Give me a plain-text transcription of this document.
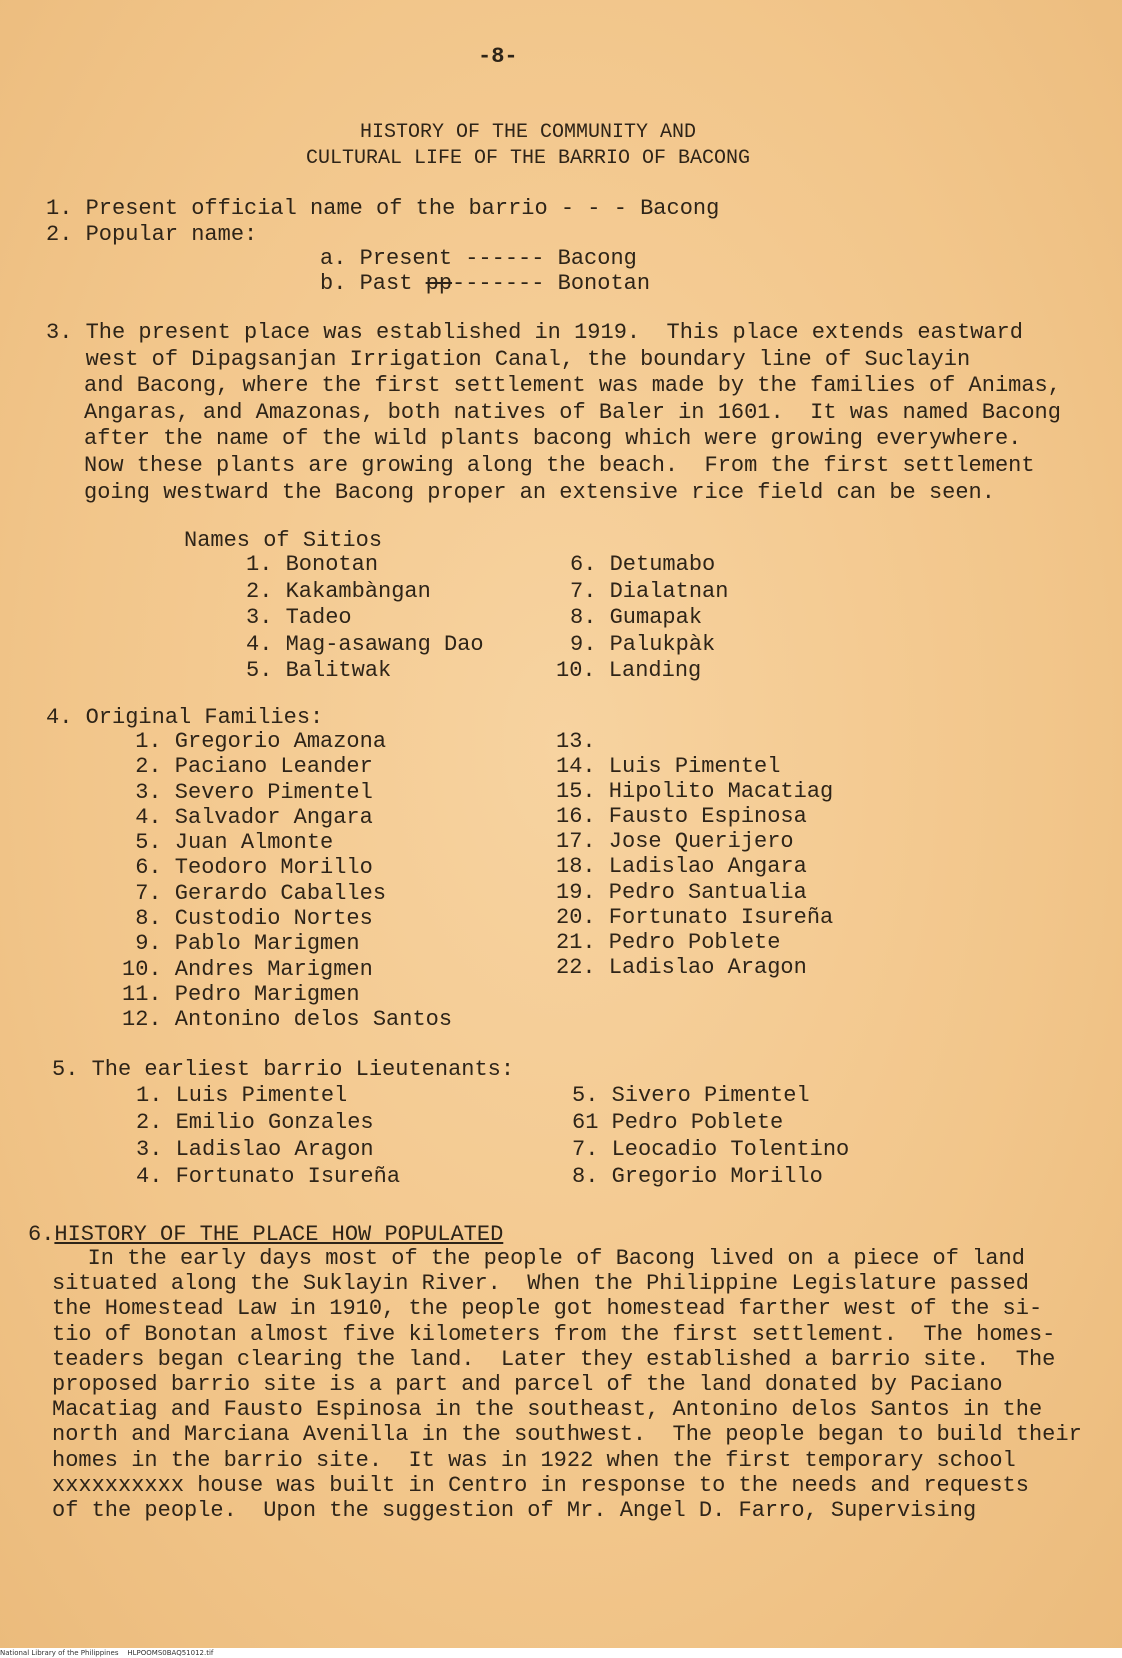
-8-
HISTORY OF THE COMMUNITY AND
CULTURAL LIFE OF THE BARRIO OF BACONG
1. Present official name of the barrio - - - Bacong
2. Popular name:
a. Present ------ Bacong
b. Past pp------- Bonotan
3. The present place was established in 1919.  This place extends eastward
west of Dipagsanjan Irrigation Canal, the boundary line of Suclayin
and Bacong, where the first settlement was made by the families of Animas,
Angaras, and Amazonas, both natives of Baler in 1601.  It was named Bacong
after the name of the wild plants bacong which were growing everywhere.
Now these plants are growing along the beach.  From the first settlement
going westward the Bacong proper an extensive rice field can be seen.
Names of Sitios
1. Bonotan
2. Kakambàngan
3. Tadeo
4. Mag-asawang Dao
5. Balitwak
6. Detumabo
7. Dialatnan
8. Gumapak
9. Palukpàk
10. Landing
4. Original Families:
1. Gregorio Amazona
2. Paciano Leander
3. Severo Pimentel
4. Salvador Angara
5. Juan Almonte
6. Teodoro Morillo
7. Gerardo Caballes
8. Custodio Nortes
9. Pablo Marigmen
10. Andres Marigmen
11. Pedro Marigmen
12. Antonino delos Santos
13.
14. Luis Pimentel
15. Hipolito Macatiag
16. Fausto Espinosa
17. Jose Querijero
18. Ladislao Angara
19. Pedro Santualia
20. Fortunato Isureña
21. Pedro Poblete
22. Ladislao Aragon
5. The earliest barrio Lieutenants:
1. Luis Pimentel
2. Emilio Gonzales
3. Ladislao Aragon
4. Fortunato Isureña
5. Sivero Pimentel
61 Pedro Poblete
7. Leocadio Tolentino
8. Gregorio Morillo
6.HISTORY OF THE PLACE HOW POPULATED
In the early days most of the people of Bacong lived on a piece of land
situated along the Suklayin River.  When the Philippine Legislature passed
the Homestead Law in 1910, the people got homestead farther west of the si-
tio of Bonotan almost five kilometers from the first settlement.  The homes-
teaders began clearing the land.  Later they established a barrio site.  The
proposed barrio site is a part and parcel of the land donated by Paciano
Macatiag and Fausto Espinosa in the southeast, Antonino delos Santos in the
north and Marciana Avenilla in the southwest.  The people began to build their
homes in the barrio site.  It was in 1922 when the first temporary school
xxxxxxxxxx house was built in Centro in response to the needs and requests
of the people.  Upon the suggestion of Mr. Angel D. Farro, Supervising
National Library of the Philippines    HLPOOMS0BAQ51012.tif
